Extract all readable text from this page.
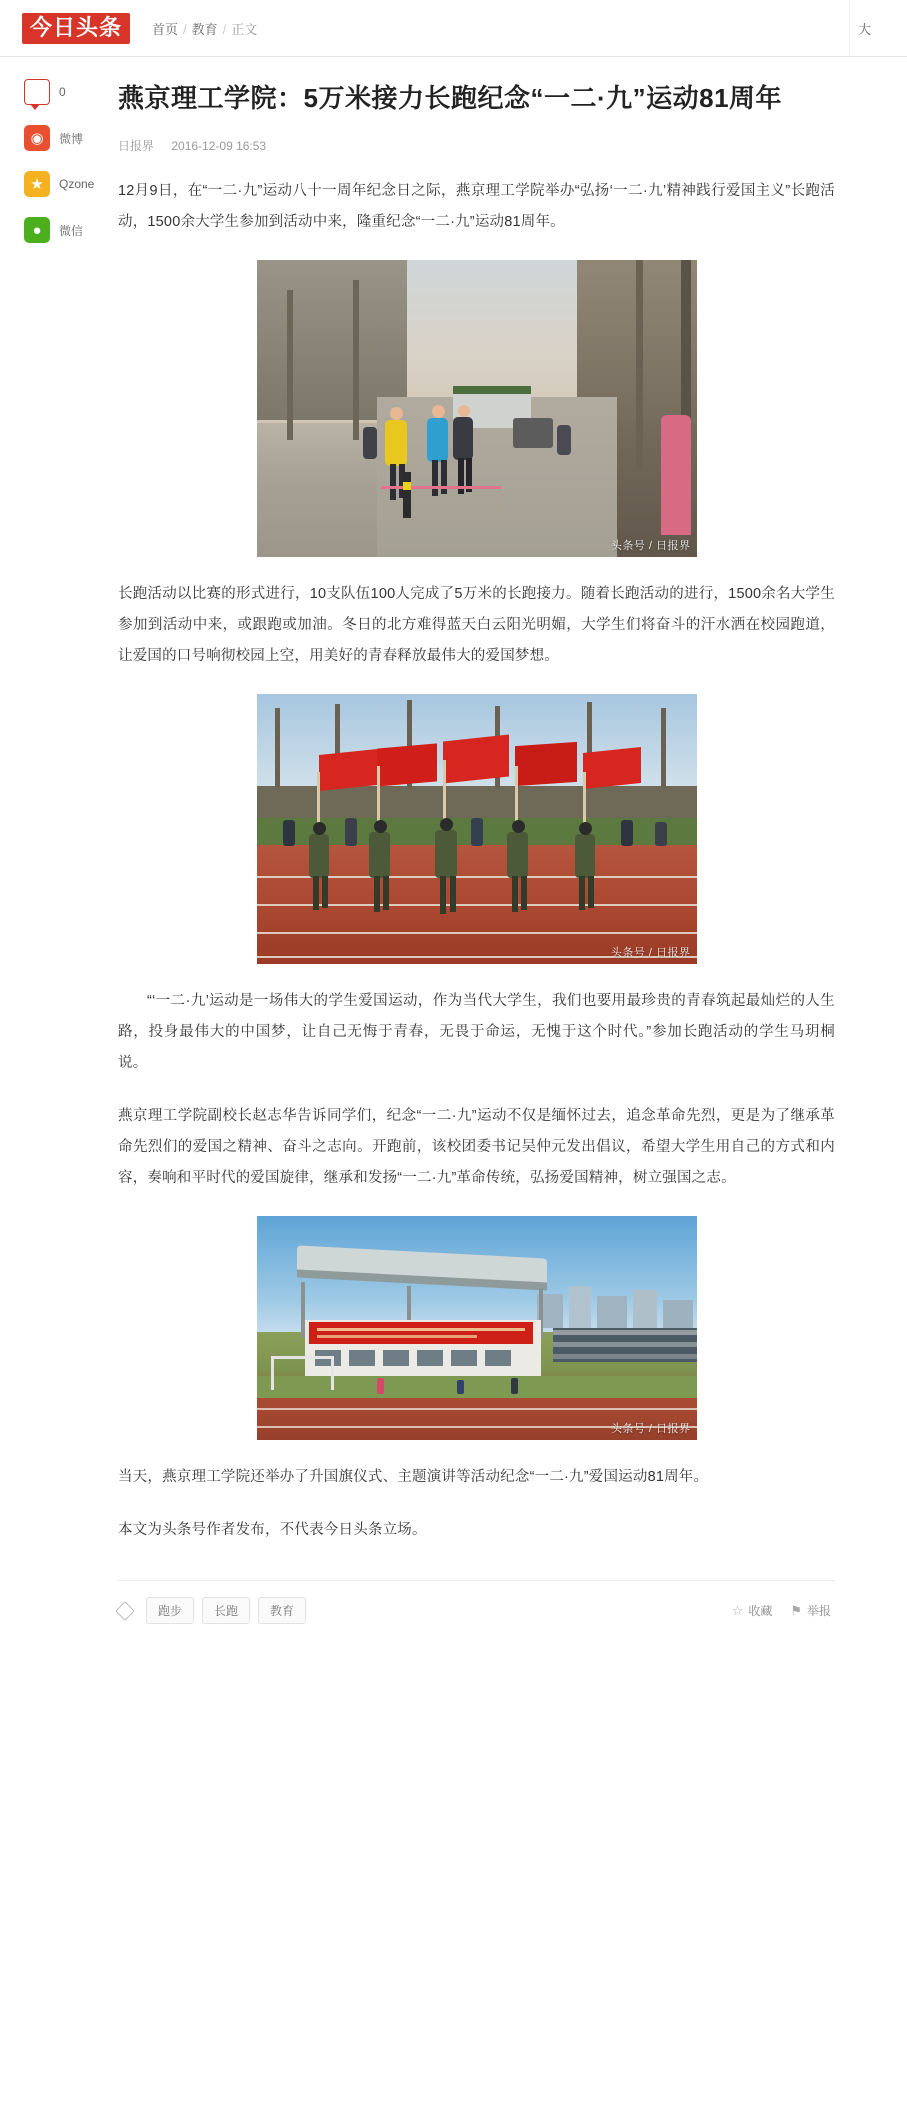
今日头条	首页 / 教育 / 正文	大
0
◉	微博
★	Qzone
●	微信
燕京理工学院：5万米接力长跑纪念“一二·九”运动81周年
日报界 2016-12-09 16:53

12月9日，在“一二·九”运动八十一周年纪念日之际，燕京理工学院举办“弘扬‘一二·九’精神践行爱国主义”长跑活动，1500余大学生参加到活动中来，隆重纪念“一二·九”运动81周年。

头条号 / 日报界

长跑活动以比赛的形式进行，10支队伍100人完成了5万米的长跑接力。随着长跑活动的进行，1500余名大学生参加到活动中来，或跟跑或加油。冬日的北方难得蓝天白云阳光明媚，大学生们将奋斗的汗水洒在校园跑道，让爱国的口号响彻校园上空，用美好的青春释放最伟大的爱国梦想。

头条号 / 日报界

“‘一二·九’运动是一场伟大的学生爱国运动，作为当代大学生，我们也要用最珍贵的青春筑起最灿烂的人生路，投身最伟大的中国梦，让自己无悔于青春，无畏于命运，无愧于这个时代。”参加长跑活动的学生马玥桐说。

燕京理工学院副校长赵志华告诉同学们，纪念“一二·九”运动不仅是缅怀过去，追念革命先烈，更是为了继承革命先烈们的爱国之精神、奋斗之志向。开跑前，该校团委书记吴仲元发出倡议，希望大学生用自己的方式和内容，奏响和平时代的爱国旋律，继承和发扬“一二·九”革命传统，弘扬爱国精神，树立强国之志。

头条号 / 日报界

当天，燕京理工学院还举办了升国旗仪式、主题演讲等活动纪念“一二·九”爱国运动81周年。

本文为头条号作者发布，不代表今日头条立场。

跑步	长跑	教育	☆ 收藏 ⚑ 举报
